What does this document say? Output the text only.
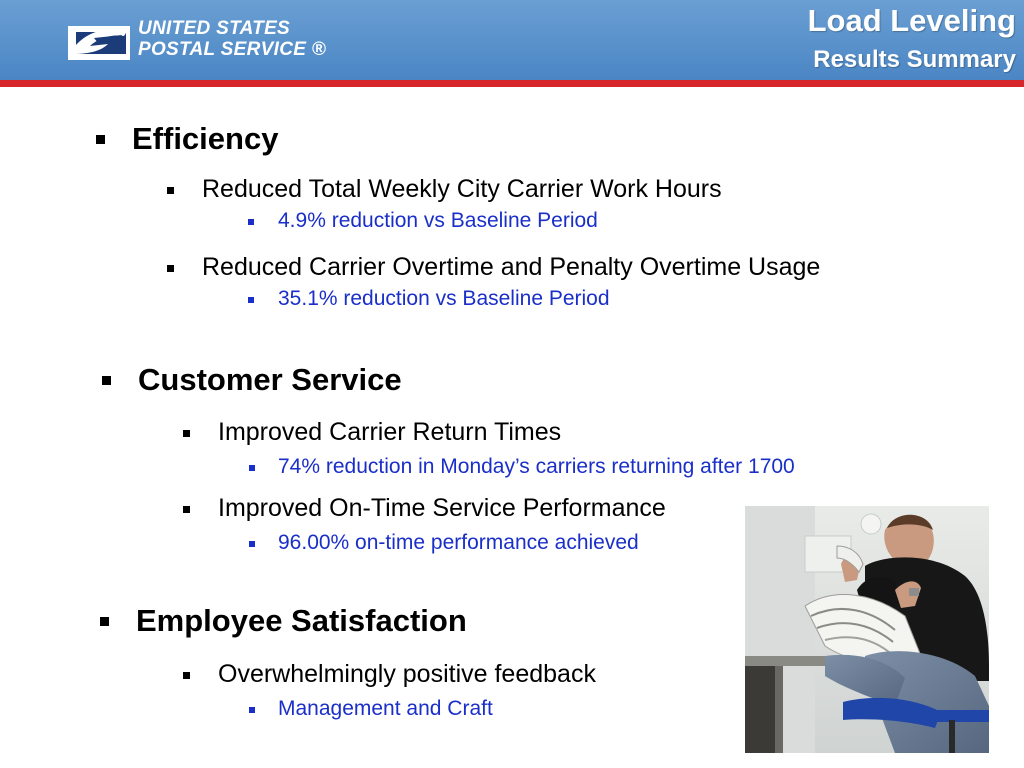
UNITED STATES
POSTAL SERVICE ®
Load Leveling
Results Summary
Efficiency
Reduced Total Weekly City Carrier Work Hours
4.9% reduction vs Baseline Period
Reduced Carrier Overtime and Penalty Overtime Usage
35.1% reduction vs Baseline Period
Customer Service
Improved Carrier Return Times
74% reduction in Monday’s carriers returning after 1700
Improved On-Time Service Performance
96.00% on-time performance achieved
Employee Satisfaction
Overwhelmingly positive feedback
Management and Craft
